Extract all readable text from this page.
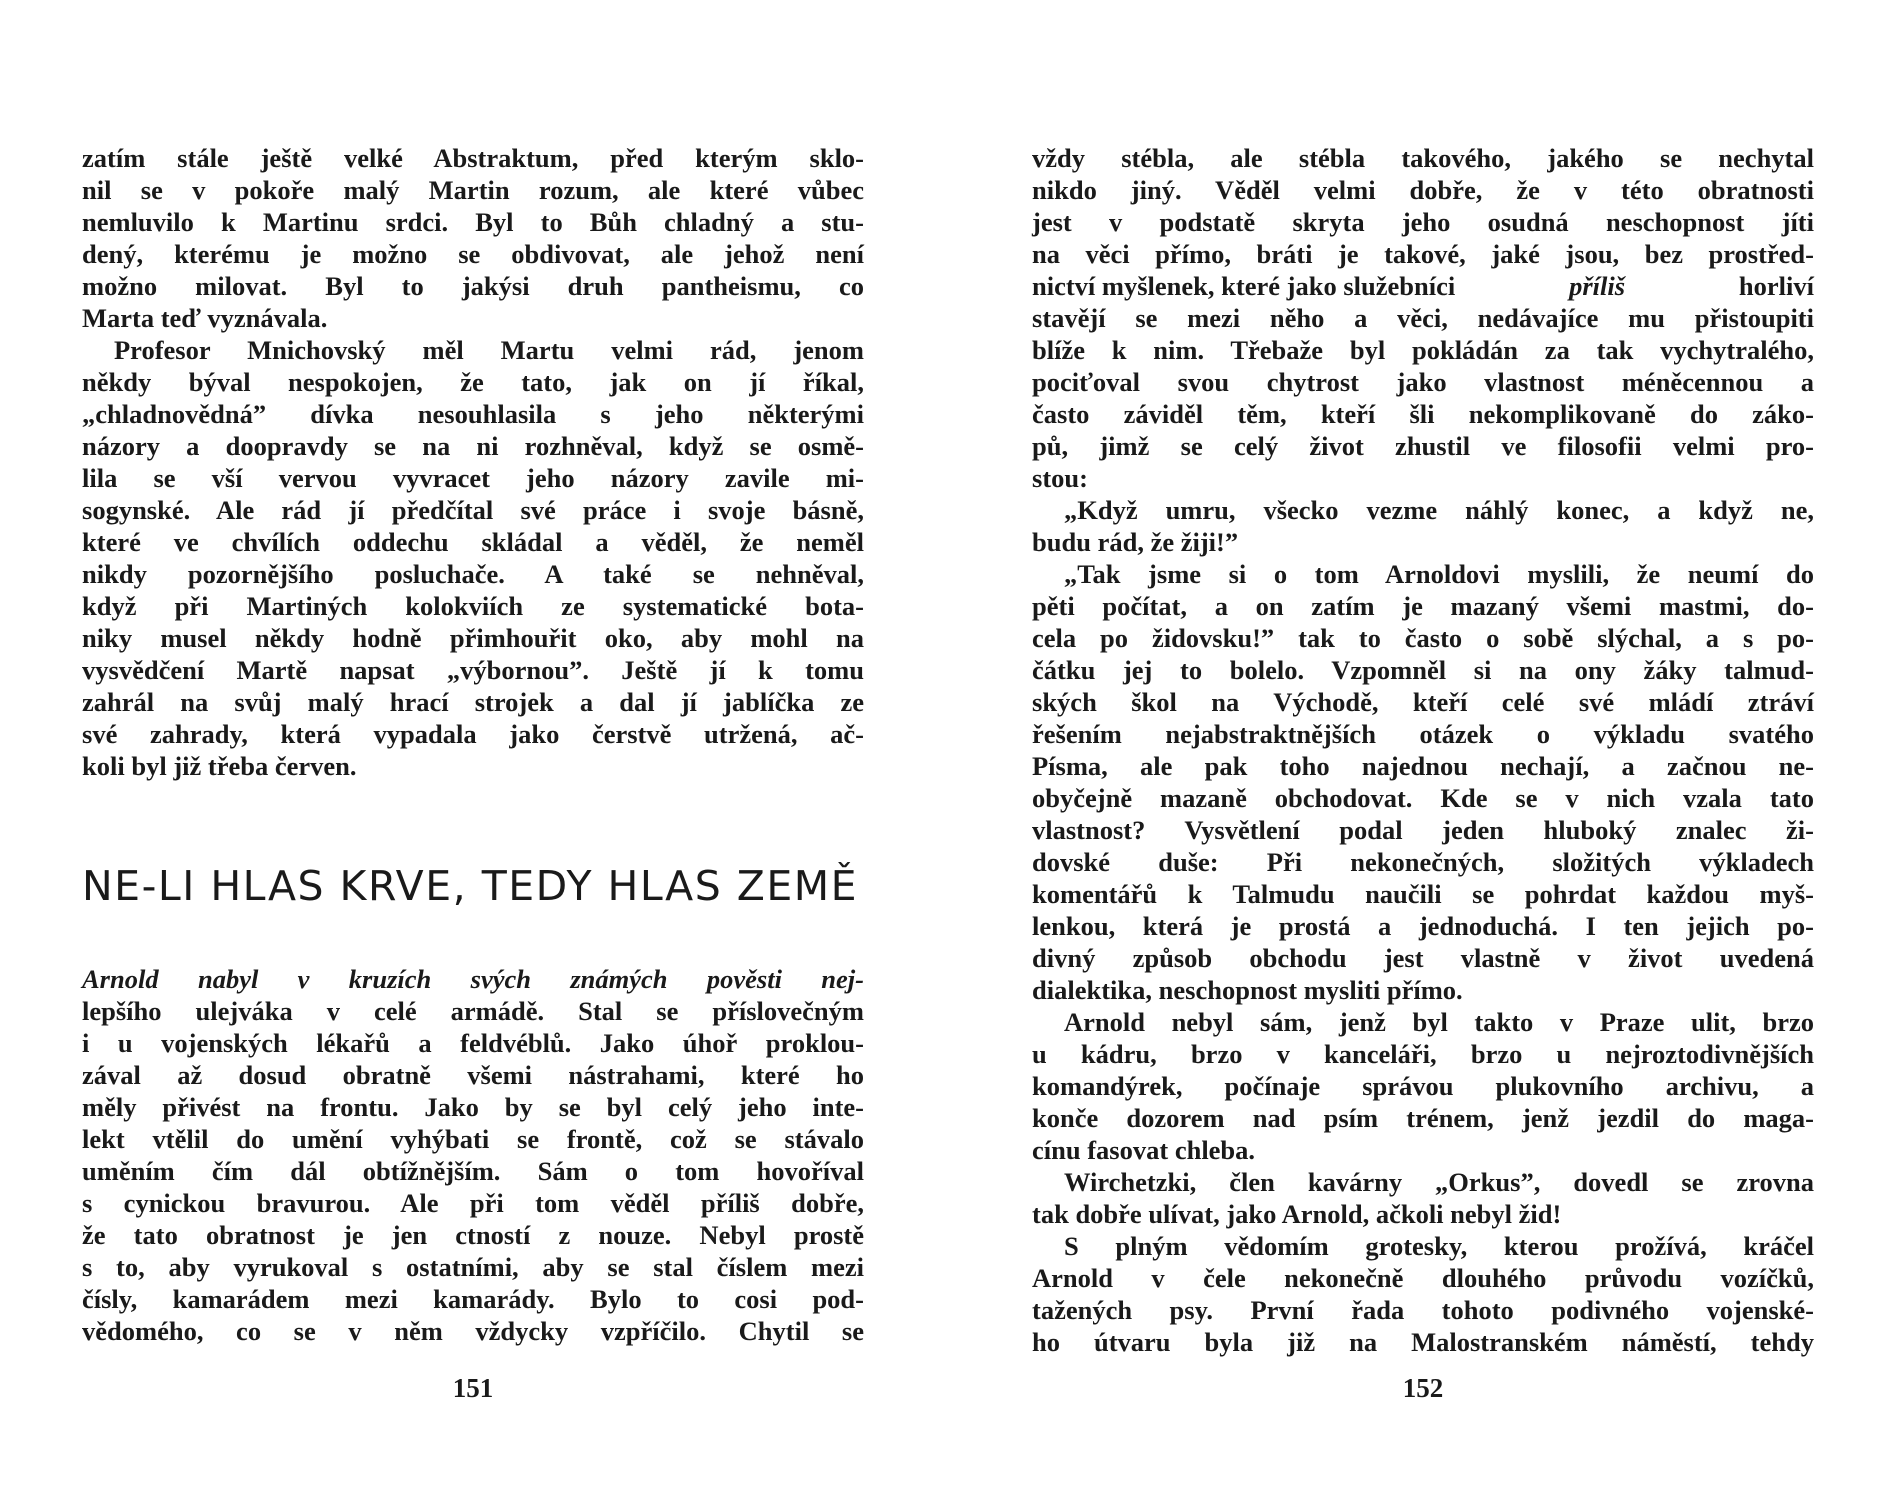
zatím stále ještě velké Abstraktum, před kterým sklo-
nil se v pokoře malý Martin rozum, ale které vůbec
nemluvilo k Martinu srdci. Byl to Bůh chladný a stu-
dený, kterému je možno se obdivovat, ale jehož není
možno milovat. Byl to jakýsi druh pantheismu, co
Marta teď vyznávala.
Profesor Mnichovský měl Martu velmi rád, jenom
někdy býval nespokojen, že tato, jak on jí říkal,
„chladnovědná” dívka nesouhlasila s jeho některými
názory a doopravdy se na ni rozhněval, když se osmě-
lila se vší vervou vyvracet jeho názory zavile mi-
sogynské. Ale rád jí předčítal své práce i svoje básně,
které ve chvílích oddechu skládal a věděl, že neměl
nikdy pozornějšího posluchače. A také se nehněval,
když při Martiných kolokviích ze systematické bota-
niky musel někdy hodně přimhouřit oko, aby mohl na
vysvědčení Martě napsat „výbornou”. Ještě jí k tomu
zahrál na svůj malý hrací strojek a dal jí jablíčka ze
své zahrady, která vypadala jako čerstvě utržená, ač-
koli byl již třeba červen.
NE-LI HLAS KRVE, TEDY HLAS ZEMĚ
Arnold nabyl v kruzích svých známých pověsti nej-
lepšího ulejváka v celé armádě. Stal se příslovečným
i u vojenských lékařů a feldvéblů. Jako úhoř proklou-
zával až dosud obratně všemi nástrahami, které ho
měly přivést na frontu. Jako by se byl celý jeho inte-
lekt vtělil do umění vyhýbati se frontě, což se stávalo
uměním čím dál obtížnějším. Sám o tom hovoříval
s cynickou bravurou. Ale při tom věděl příliš dobře,
že tato obratnost je jen ctností z nouze. Nebyl prostě
s to, aby vyrukoval s ostatními, aby se stal číslem mezi
čísly, kamarádem mezi kamarády. Bylo to cosi pod-
vědomého, co se v něm vždycky vzpříčilo. Chytil se
151
vždy stébla, ale stébla takového, jakého se nechytal
nikdo jiný. Věděl velmi dobře, že v této obratnosti
jest v podstatě skryta jeho osudná neschopnost jíti
na věci přímo, bráti je takové, jaké jsou, bez prostřed-
nictví myšlenek, které jako služebníci	příliš	horliví
stavějí se mezi něho a věci, nedávajíce mu přistoupiti
blíže k nim. Třebaže byl pokládán za tak vychytralého,
pociťoval svou chytrost jako vlastnost méněcennou a
často záviděl těm, kteří šli nekomplikovaně do záko-
pů, jimž se celý život zhustil ve filosofii velmi pro-
stou:
„Když umru, všecko vezme náhlý konec, a když ne,
budu rád, že žiji!”
„Tak jsme si o tom Arnoldovi myslili, že neumí do
pěti počítat, a on zatím je mazaný všemi mastmi, do-
cela po židovsku!” tak to často o sobě slýchal, a s po-
čátku jej to bolelo. Vzpomněl si na ony žáky talmud-
ských škol na Východě, kteří celé své mládí ztráví
řešením nejabstraktnějších otázek o výkladu svatého
Písma, ale pak toho najednou nechají, a začnou ne-
obyčejně mazaně obchodovat. Kde se v nich vzala tato
vlastnost? Vysvětlení podal jeden hluboký znalec ži-
dovské duše: Při nekonečných, složitých výkladech
komentářů k Talmudu naučili se pohrdat každou myš-
lenkou, která je prostá a jednoduchá. I ten jejich po-
divný způsob obchodu jest vlastně v život uvedená
dialektika, neschopnost mysliti přímo.
Arnold nebyl sám, jenž byl takto v Praze ulit, brzo
u kádru, brzo v kanceláři, brzo u nejroztodivnějších
komandýrek, počínaje správou plukovního archivu, a
konče dozorem nad psím trénem, jenž jezdil do maga-
cínu fasovat chleba.
Wirchetzki, člen kavárny „Orkus”, dovedl se zrovna
tak dobře ulívat, jako Arnold, ačkoli nebyl žid!
S plným vědomím grotesky, kterou prožívá, kráčel
Arnold v čele nekonečně dlouhého průvodu vozíčků,
tažených psy. První řada tohoto podivného vojenské-
ho útvaru byla již na Malostranském náměstí, tehdy
152
